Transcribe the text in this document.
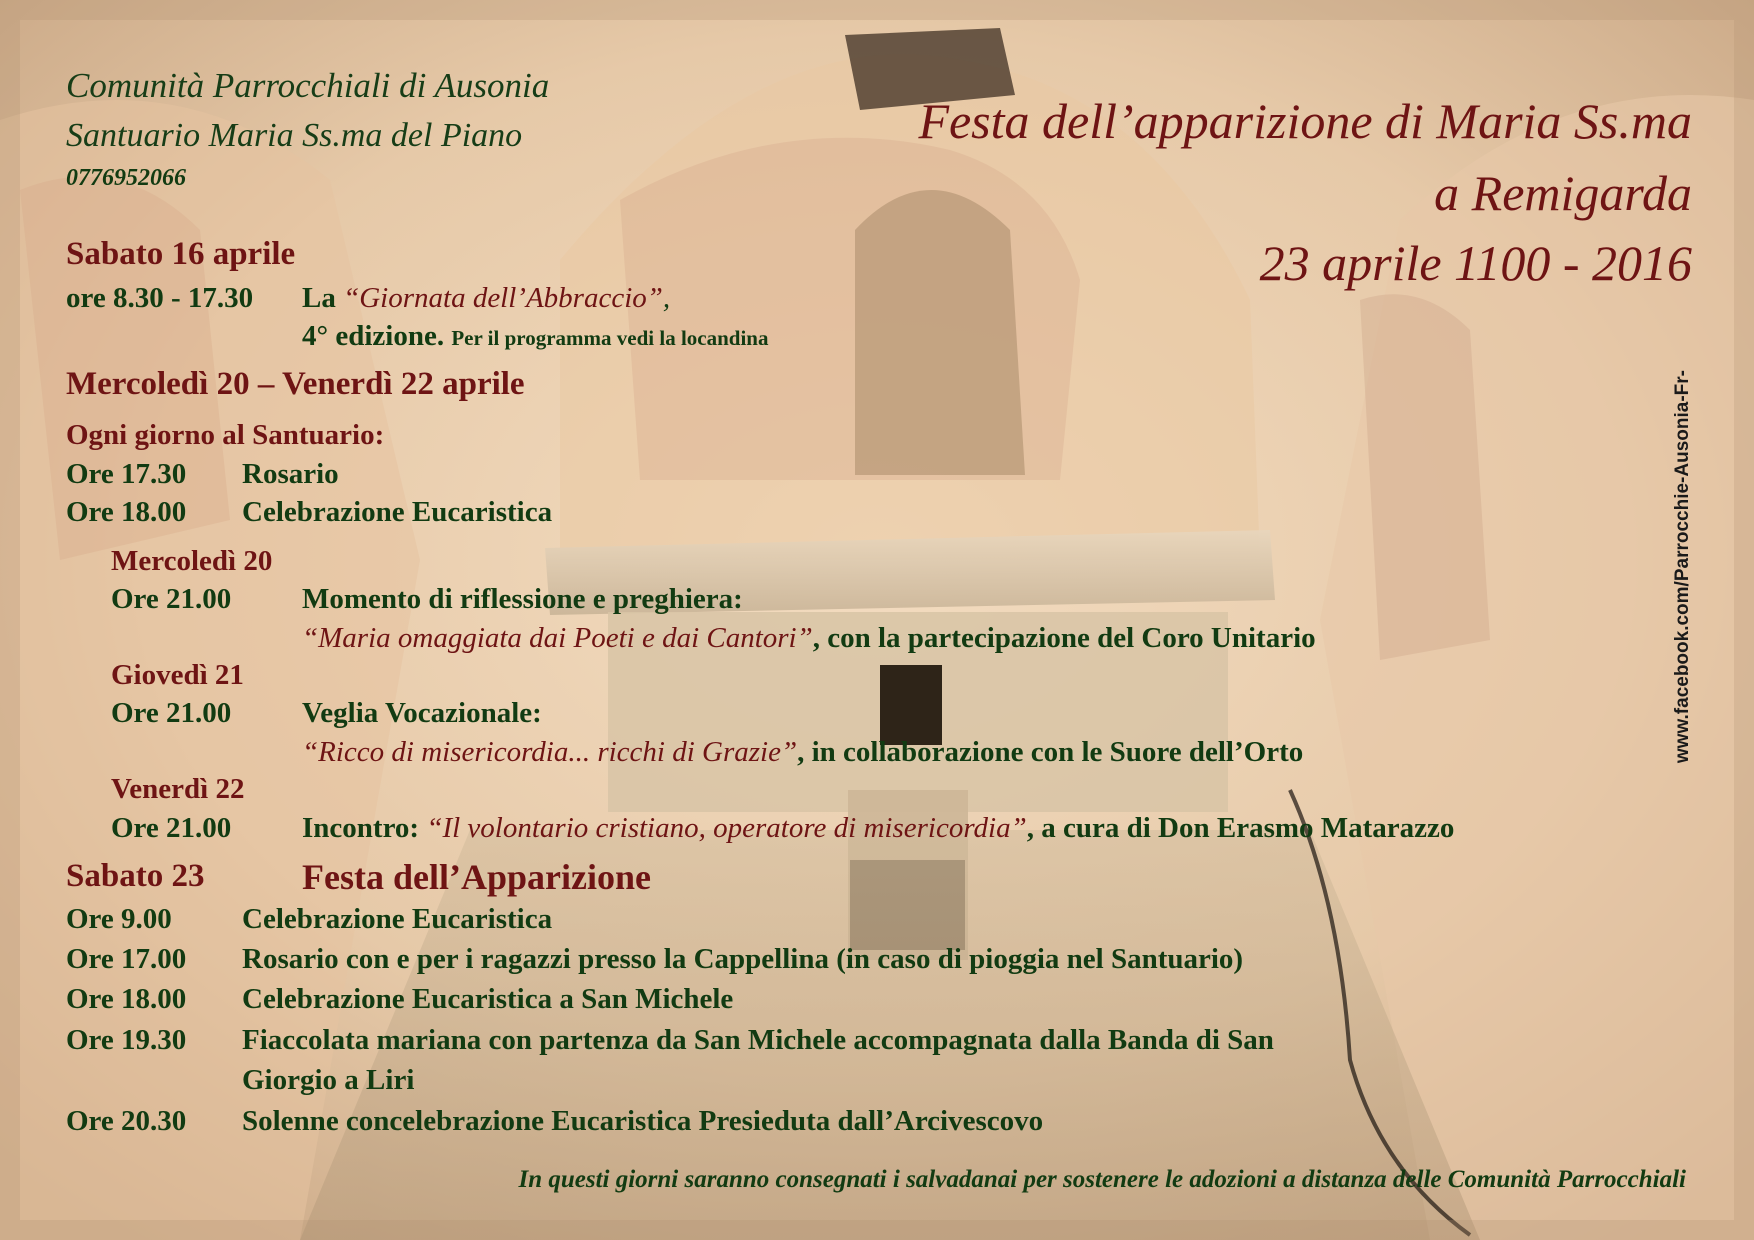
Comunità Parrocchiali di Ausonia
Santuario Maria Ss.ma del Piano
0776952066
Festa dell’apparizione di Maria Ss.ma
a Remigarda
23 aprile 1100 - 2016
www.facebook.com/Parrocchie-Ausonia-Fr-
Sabato 16 aprile
ore 8.30 - 17.30 La “Giornata dell’Abbraccio”,
4° edizione. Per il programma vedi la locandina
Mercoledì 20 – Venerdì 22 aprile
Ogni giorno al Santuario:
Ore 17.30 Rosario
Ore 18.00 Celebrazione Eucaristica
Mercoledì 20
Ore 21.00 Momento di riflessione e preghiera:
“Maria omaggiata dai Poeti e dai Cantori”, con la partecipazione del Coro Unitario
Giovedì 21
Ore 21.00 Veglia Vocazionale:
“Ricco di misericordia... ricchi di Grazie”, in collaborazione con le Suore dell’Orto
Venerdì 22
Ore 21.00 Incontro: “Il volontario cristiano, operatore di misericordia”, a cura di Don Erasmo Matarazzo
Sabato 23	Festa dell’Apparizione
Ore 9.00 Celebrazione Eucaristica
Ore 17.00 Rosario con e per i ragazzi presso la Cappellina (in caso di pioggia nel Santuario)
Ore 18.00 Celebrazione Eucaristica a San Michele
Ore 19.30 Fiaccolata mariana con partenza da San Michele accompagnata dalla Banda di San
Giorgio a Liri
Ore 20.30 Solenne concelebrazione Eucaristica Presieduta dall’Arcivescovo
In questi giorni saranno consegnati i salvadanai per sostenere le adozioni a distanza delle Comunità Parrocchiali
